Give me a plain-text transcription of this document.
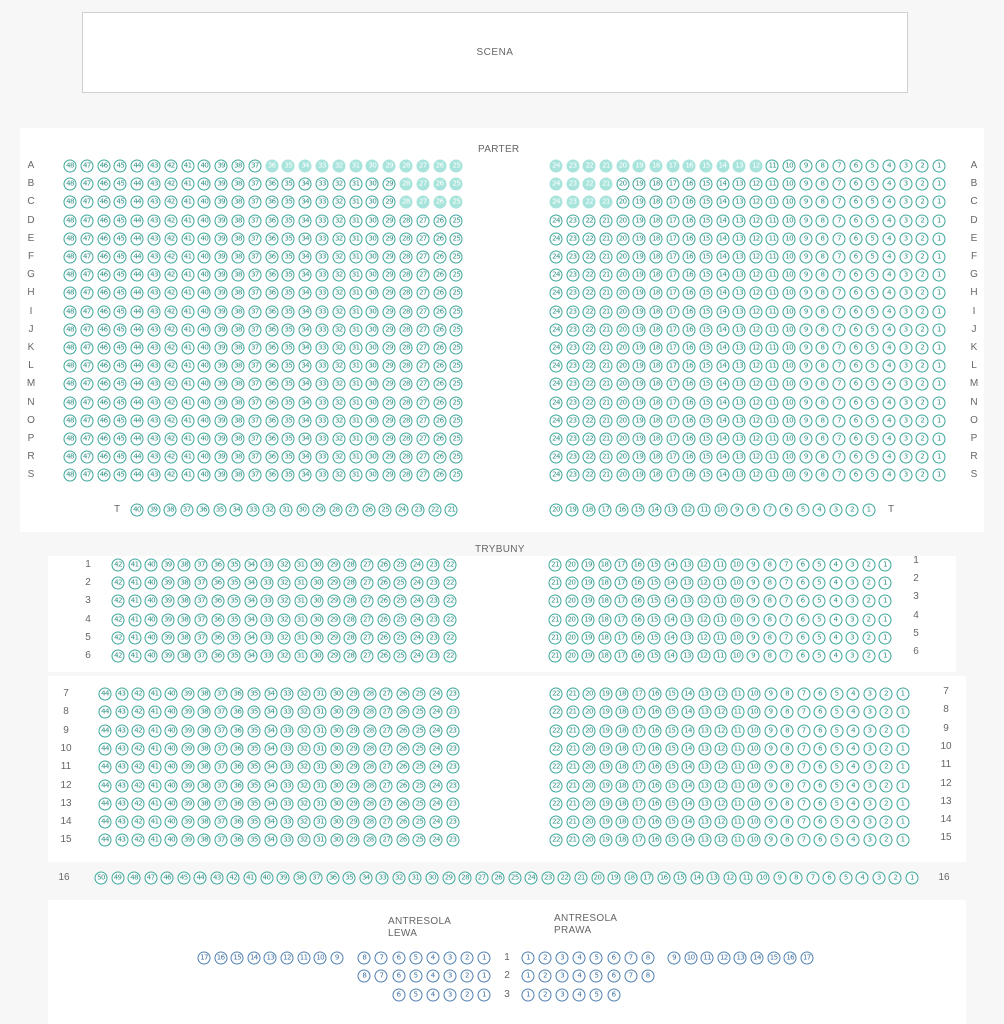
SCENA
PARTER
TRYBUNY
ANTRESOLA
LEWA
ANTRESOLA
PRAWA
A	A
48	47	46	45	44	43	42	41	40	39	38	37	36	35	34	33	32	31	30	29	28	27	26	25	24	23	22	21	20	19	18	17	16	15	14	13	12	11	10	9	8	7	6	5	4	3	2	1
B	B
48	47	46	45	44	43	42	41	40	39	38	37	36	35	34	33	32	31	30	29	28	27	26	25	24	23	22	21	20	19	18	17	16	15	14	13	12	11	10	9	8	7	6	5	4	3	2	1
C	C
48	47	46	45	44	43	42	41	40	39	38	37	36	35	34	33	32	31	30	29	28	27	26	25	24	23	22	21	20	19	18	17	16	15	14	13	12	11	10	9	8	7	6	5	4	3	2	1
D	D
48	47	46	45	44	43	42	41	40	39	38	37	36	35	34	33	32	31	30	29	28	27	26	25	24	23	22	21	20	19	18	17	16	15	14	13	12	11	10	9	8	7	6	5	4	3	2	1
E	E
48	47	46	45	44	43	42	41	40	39	38	37	36	35	34	33	32	31	30	29	28	27	26	25	24	23	22	21	20	19	18	17	16	15	14	13	12	11	10	9	8	7	6	5	4	3	2	1
F	F
48	47	46	45	44	43	42	41	40	39	38	37	36	35	34	33	32	31	30	29	28	27	26	25	24	23	22	21	20	19	18	17	16	15	14	13	12	11	10	9	8	7	6	5	4	3	2	1
G	G
48	47	46	45	44	43	42	41	40	39	38	37	36	35	34	33	32	31	30	29	28	27	26	25	24	23	22	21	20	19	18	17	16	15	14	13	12	11	10	9	8	7	6	5	4	3	2	1
H	H
48	47	46	45	44	43	42	41	40	39	38	37	36	35	34	33	32	31	30	29	28	27	26	25	24	23	22	21	20	19	18	17	16	15	14	13	12	11	10	9	8	7	6	5	4	3	2	1
I	I
48	47	46	45	44	43	42	41	40	39	38	37	36	35	34	33	32	31	30	29	28	27	26	25	24	23	22	21	20	19	18	17	16	15	14	13	12	11	10	9	8	7	6	5	4	3	2	1
J	J
48	47	46	45	44	43	42	41	40	39	38	37	36	35	34	33	32	31	30	29	28	27	26	25	24	23	22	21	20	19	18	17	16	15	14	13	12	11	10	9	8	7	6	5	4	3	2	1
K	K
48	47	46	45	44	43	42	41	40	39	38	37	36	35	34	33	32	31	30	29	28	27	26	25	24	23	22	21	20	19	18	17	16	15	14	13	12	11	10	9	8	7	6	5	4	3	2	1
L	L
48	47	46	45	44	43	42	41	40	39	38	37	36	35	34	33	32	31	30	29	28	27	26	25	24	23	22	21	20	19	18	17	16	15	14	13	12	11	10	9	8	7	6	5	4	3	2	1
M	M
48	47	46	45	44	43	42	41	40	39	38	37	36	35	34	33	32	31	30	29	28	27	26	25	24	23	22	21	20	19	18	17	16	15	14	13	12	11	10	9	8	7	6	5	4	3	2	1
N	N
48	47	46	45	44	43	42	41	40	39	38	37	36	35	34	33	32	31	30	29	28	27	26	25	24	23	22	21	20	19	18	17	16	15	14	13	12	11	10	9	8	7	6	5	4	3	2	1
O	O
48	47	46	45	44	43	42	41	40	39	38	37	36	35	34	33	32	31	30	29	28	27	26	25	24	23	22	21	20	19	18	17	16	15	14	13	12	11	10	9	8	7	6	5	4	3	2	1
P	P
48	47	46	45	44	43	42	41	40	39	38	37	36	35	34	33	32	31	30	29	28	27	26	25	24	23	22	21	20	19	18	17	16	15	14	13	12	11	10	9	8	7	6	5	4	3	2	1
R	R
48	47	46	45	44	43	42	41	40	39	38	37	36	35	34	33	32	31	30	29	28	27	26	25	24	23	22	21	20	19	18	17	16	15	14	13	12	11	10	9	8	7	6	5	4	3	2	1
S	S
48	47	46	45	44	43	42	41	40	39	38	37	36	35	34	33	32	31	30	29	28	27	26	25	24	23	22	21	20	19	18	17	16	15	14	13	12	11	10	9	8	7	6	5	4	3	2	1
T	T
40	39	38	37	36	35	34	33	32	31	30	29	28	27	26	25	24	23	22	21	20	19	18	17	16	15	14	13	12	11	10	9	8	7	6	5	4	3	2	1
1	1
42	41	40	39	38	37	36	35	34	33	32	31	30	29	28	27	26	25	24	23	22	21	20	19	18	17	16	15	14	13	12	11	10	9	8	7	6	5	4	3	2	1
2	2
42	41	40	39	38	37	36	35	34	33	32	31	30	29	28	27	26	25	24	23	22	21	20	19	18	17	16	15	14	13	12	11	10	9	8	7	6	5	4	3	2	1
3	3
42	41	40	39	38	37	36	35	34	33	32	31	30	29	28	27	26	25	24	23	22	21	20	19	18	17	16	15	14	13	12	11	10	9	8	7	6	5	4	3	2	1
4	4
42	41	40	39	38	37	36	35	34	33	32	31	30	29	28	27	26	25	24	23	22	21	20	19	18	17	16	15	14	13	12	11	10	9	8	7	6	5	4	3	2	1
5	5
42	41	40	39	38	37	36	35	34	33	32	31	30	29	28	27	26	25	24	23	22	21	20	19	18	17	16	15	14	13	12	11	10	9	8	7	6	5	4	3	2	1
6	6
42	41	40	39	38	37	36	35	34	33	32	31	30	29	28	27	26	25	24	23	22	21	20	19	18	17	16	15	14	13	12	11	10	9	8	7	6	5	4	3	2	1
7	7
44	43	42	41	40	39	38	37	36	35	34	33	32	31	30	29	28	27	26	25	24	23	22	21	20	19	18	17	16	15	14	13	12	11	10	9	8	7	6	5	4	3	2	1
8	8
44	43	42	41	40	39	38	37	36	35	34	33	32	31	30	29	28	27	26	25	24	23	22	21	20	19	18	17	16	15	14	13	12	11	10	9	8	7	6	5	4	3	2	1
9	9
44	43	42	41	40	39	38	37	36	35	34	33	32	31	30	29	28	27	26	25	24	23	22	21	20	19	18	17	16	15	14	13	12	11	10	9	8	7	6	5	4	3	2	1
10	10
44	43	42	41	40	39	38	37	36	35	34	33	32	31	30	29	28	27	26	25	24	23	22	21	20	19	18	17	16	15	14	13	12	11	10	9	8	7	6	5	4	3	2	1
11	11
44	43	42	41	40	39	38	37	36	35	34	33	32	31	30	29	28	27	26	25	24	23	22	21	20	19	18	17	16	15	14	13	12	11	10	9	8	7	6	5	4	3	2	1
12	12
44	43	42	41	40	39	38	37	36	35	34	33	32	31	30	29	28	27	26	25	24	23	22	21	20	19	18	17	16	15	14	13	12	11	10	9	8	7	6	5	4	3	2	1
13	13
44	43	42	41	40	39	38	37	36	35	34	33	32	31	30	29	28	27	26	25	24	23	22	21	20	19	18	17	16	15	14	13	12	11	10	9	8	7	6	5	4	3	2	1
14	14
44	43	42	41	40	39	38	37	36	35	34	33	32	31	30	29	28	27	26	25	24	23	22	21	20	19	18	17	16	15	14	13	12	11	10	9	8	7	6	5	4	3	2	1
15	15
44	43	42	41	40	39	38	37	36	35	34	33	32	31	30	29	28	27	26	25	24	23	22	21	20	19	18	17	16	15	14	13	12	11	10	9	8	7	6	5	4	3	2	1
16	16
50	49	48	47	46	45	44	43	42	41	40	39	38	37	36	35	34	33	32	31	30	29	28	27	26	25	24	23	22	21	20	19	18	17	16	15	14	13	12	11	10	9	8	7	6	5	4	3	2	1
1
17	16	15	14	13	12	11	10	9	8	7	6	5	4	3	2	1	1	2	3	4	5	6	7	8	9	10	11	12	13	14	15	16	17
2
8	7	6	5	4	3	2	1	1	2	3	4	5	6	7	8
3
6	5	4	3	2	1	1	2	3	4	5	6
